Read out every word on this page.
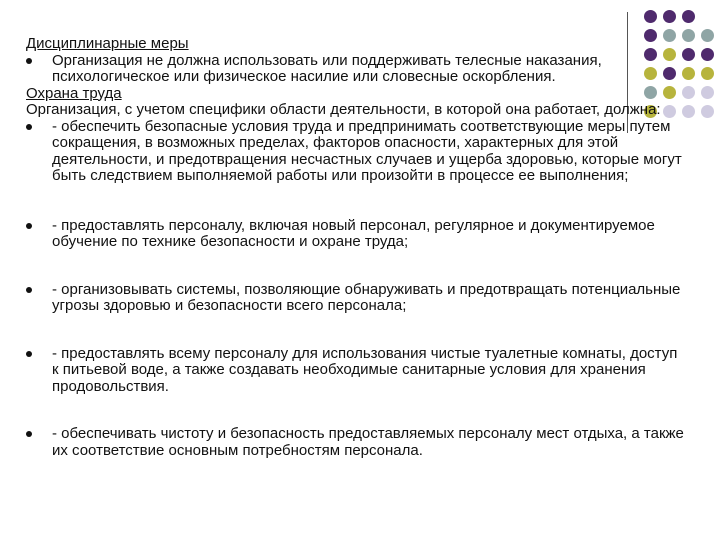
Дисциплинарные меры

Организация не должна использовать или поддерживать телесные наказания, психологическое или физическое насилие или словесные оскорбления.

Охрана труда

Организация, с учетом специфики области деятельности, в которой она работает, должна:

- обеспечить безопасные условия труда и предпринимать соответствующие меры путем сокращения, в возможных пределах, факторов опасности, характерных для этой деятельности, и предотвращения несчастных случаев и ущерба здоровью, которые могут быть следствием выполняемой работы или произойти в процессе ее выполнения;
- предоставлять персоналу, включая новый персонал, регулярное и документируемое обучение по технике безопасности и охране труда;
- организовывать системы, позволяющие обнаруживать и предотвращать потенциальные угрозы здоровью и безопасности всего персонала;
- предоставлять всему персоналу для использования чистые туалетные комнаты, доступ к питьевой воде, а также создавать необходимые санитарные условия для хранения продовольствия.
- обеспечивать чистоту и безопасность предоставляемых персоналу мест отдыха, а также их соответствие основным потребностям персонала.
